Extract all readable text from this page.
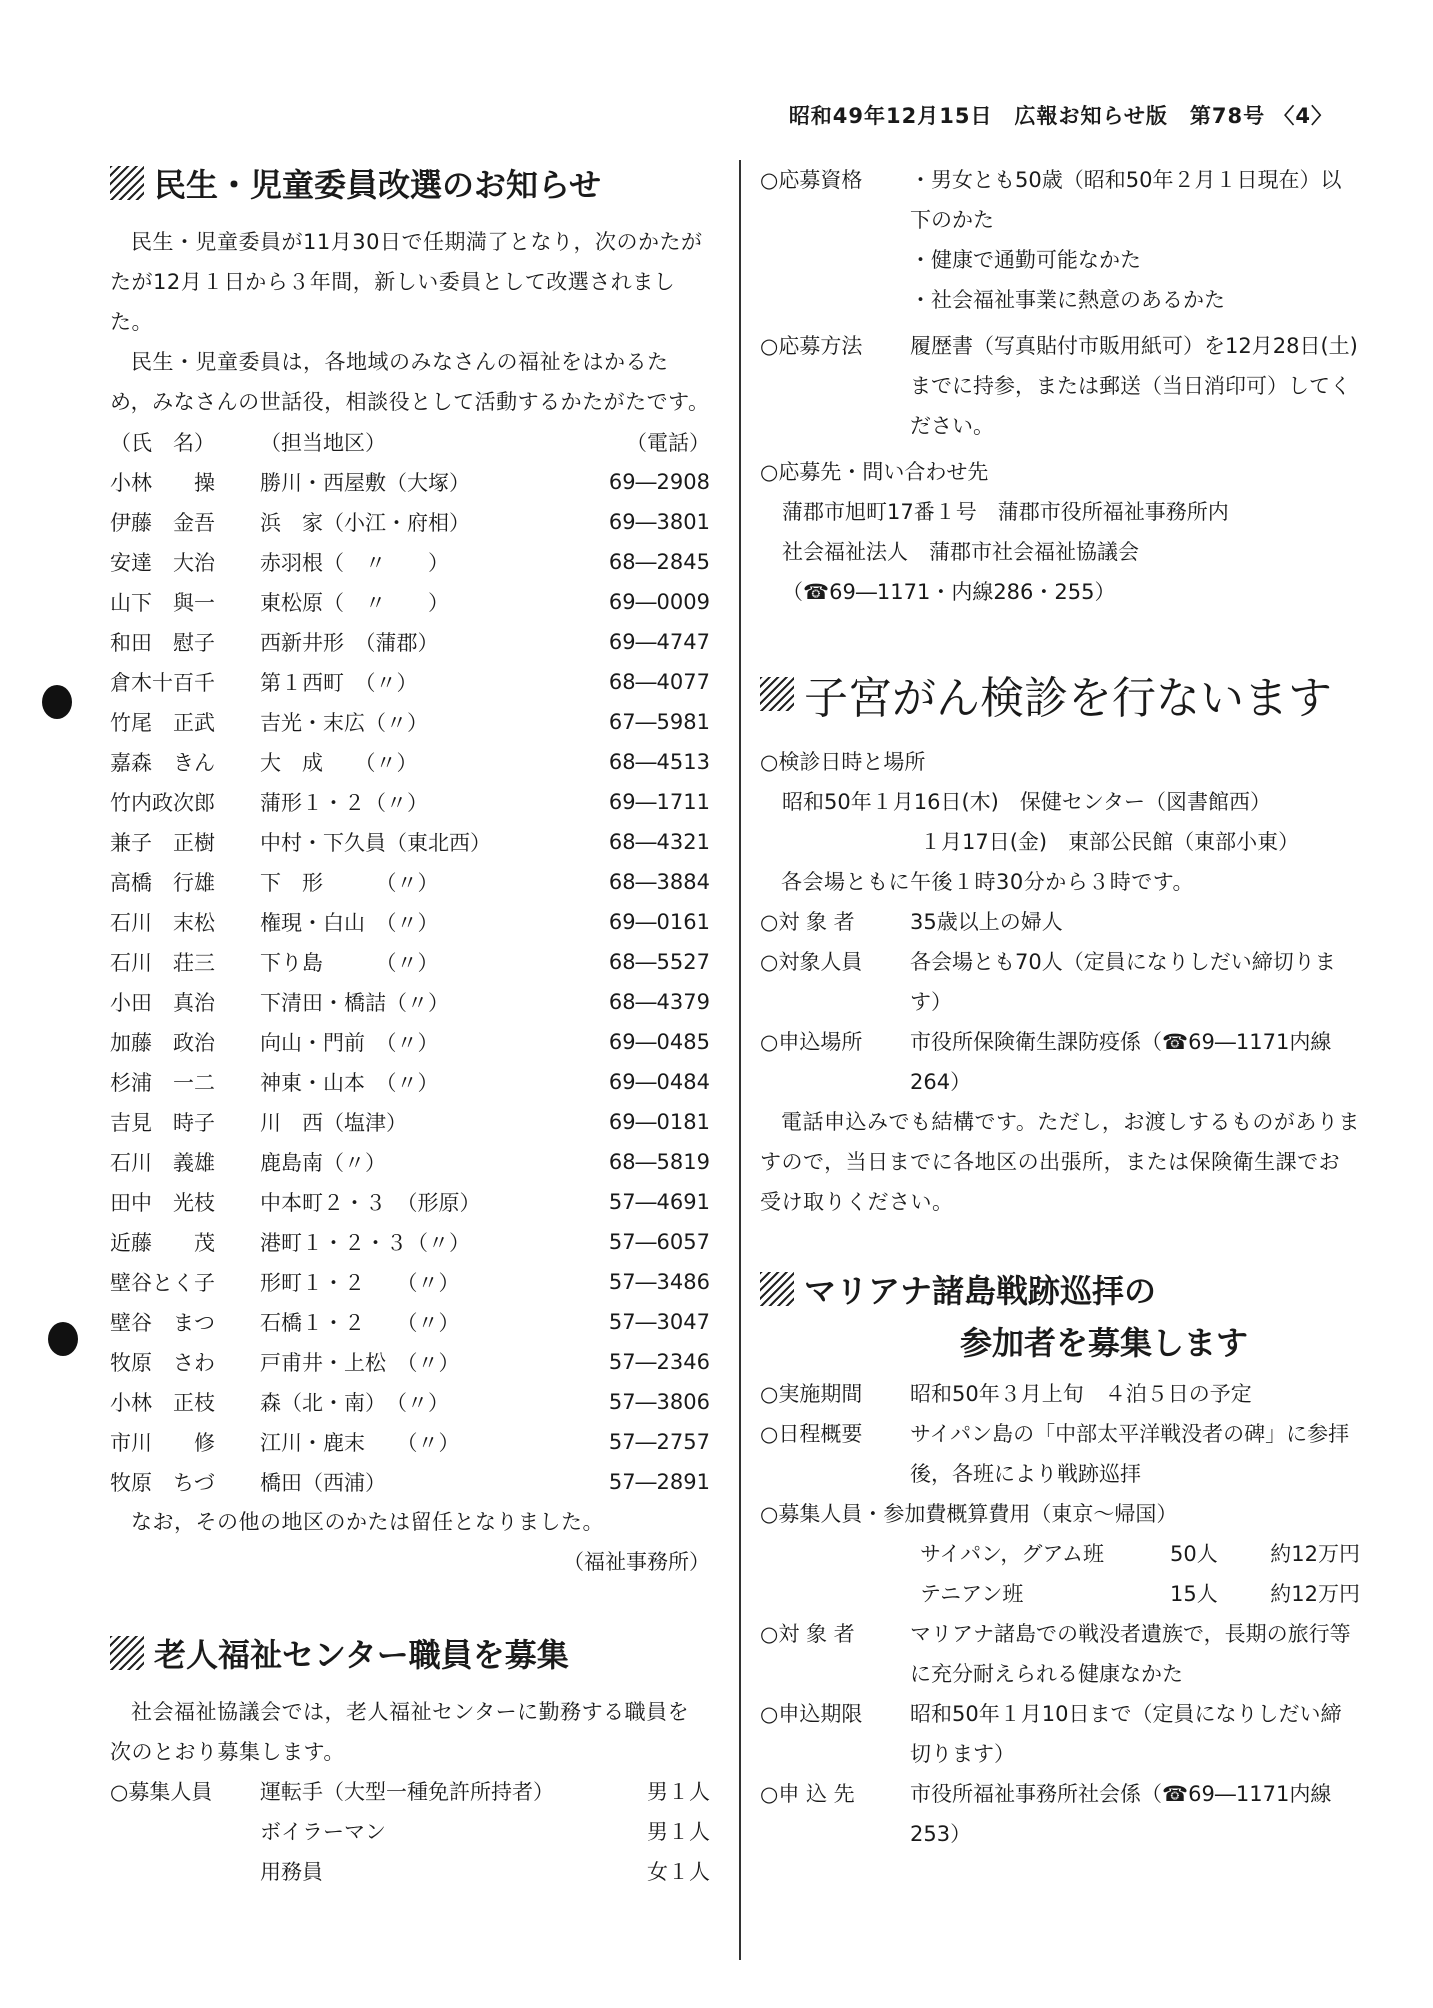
昭和49年12月15日　広報お知らせ版　第78号 〈4〉
民生・児童委員改選のお知らせ

民生・児童委員が11月30日で任期満了となり，次のかたがたが12月１日から３年間，新しい委員として改選されました。

民生・児童委員は，各地域のみなさんの福祉をはかるため，みなさんの世話役，相談役として活動するかたがたです。

（氏　名）	（担当地区）	（電話）
小林　　操	勝川・西屋敷（大塚）	69―2908
伊藤　金吾	浜　家（小江・府相）	69―3801
安達　大治	赤羽根（　〃　　）	68―2845
山下　與一	東松原（　〃　　）	69―0009
和田　慰子	西新井形　（蒲郡）	69―4747
倉木十百千	第１西町　（〃）	68―4077
竹尾　正武	吉光・末広（〃）	67―5981
嘉森　きん	大　成　　（〃）	68―4513
竹内政次郎	蒲形１・２（〃）	69―1711
兼子　正樹	中村・下久員（東北西）	68―4321
高橋　行雄	下　形　　　（〃）	68―3884
石川　末松	権現・白山　（〃）	69―0161
石川　荘三	下り島　　　（〃）	68―5527
小田　真治	下清田・橋詰（〃）	68―4379
加藤　政治	向山・門前　（〃）	69―0485
杉浦　一二	神東・山本　（〃）	69―0484
吉見　時子	川　西（塩津）	69―0181
石川　義雄	鹿島南（〃）	68―5819
田中　光枝	中本町２・３　（形原）	57―4691
近藤　　茂	港町１・２・３（〃）	57―6057
壁谷とく子	形町１・２　　（〃）	57―3486
壁谷　まつ	石橋１・２　　（〃）	57―3047
牧原　さわ	戸甫井・上松　（〃）	57―2346
小林　正枝	森（北・南）　（〃）	57―3806
市川　　修	江川・鹿末　　（〃）	57―2757
牧原　ちづ	橋田（西浦）	57―2891

なお，その他の地区のかたは留任となりました。

（福祉事務所）
老人福祉センター職員を募集

社会福祉協議会では，老人福祉センターに勤務する職員を次のとおり募集します。

○募集人員	運転手（大型一種免許所持者）	男１人
ボイラーマン	男１人
用務員	女１人
○応募資格	・男女とも50歳（昭和50年２月１日現在）以下のかた
・健康で通勤可能なかた
・社会福祉事業に熱意のあるかた
○応募方法	履歴書（写真貼付市販用紙可）を12月28日(土)までに持参，または郵送（当日消印可）してください。
○応募先・問い合わせ先
蒲郡市旭町17番１号　蒲郡市役所福祉事務所内
社会福祉法人　蒲郡市社会福祉協議会
（☎69―1171・内線286・255）
子宮がん検診を行ないます
○検診日時と場所
昭和50年１月16日(木)　保健センター（図書館西）
１月17日(金)　東部公民館（東部小東）

各会場ともに午後１時30分から３時です。

○対 象 者	35歳以上の婦人
○対象人員	各会場とも70人（定員になりしだい締切ります）
○申込場所	市役所保険衛生課防疫係（☎69―1171内線 264）

電話申込みでも結構です。ただし，お渡しするものがありますので，当日までに各地区の出張所，または保険衛生課でお受け取りください。

マリアナ諸島戦跡巡拝の
参加者を募集します
○実施期間	昭和50年３月上旬　４泊５日の予定
○日程概要	サイパン島の「中部太平洋戦没者の碑」に参拝後，各班により戦跡巡拝
○募集人員・参加費概算費用（東京～帰国）
サイパン，グアム班	50人	約12万円
テニアン班	15人	約12万円
○対 象 者	マリアナ諸島での戦没者遺族で，長期の旅行等に充分耐えられる健康なかた
○申込期限	昭和50年１月10日まで（定員になりしだい締切ります）
○申 込 先	市役所福祉事務所社会係（☎69―1171内線 253）
